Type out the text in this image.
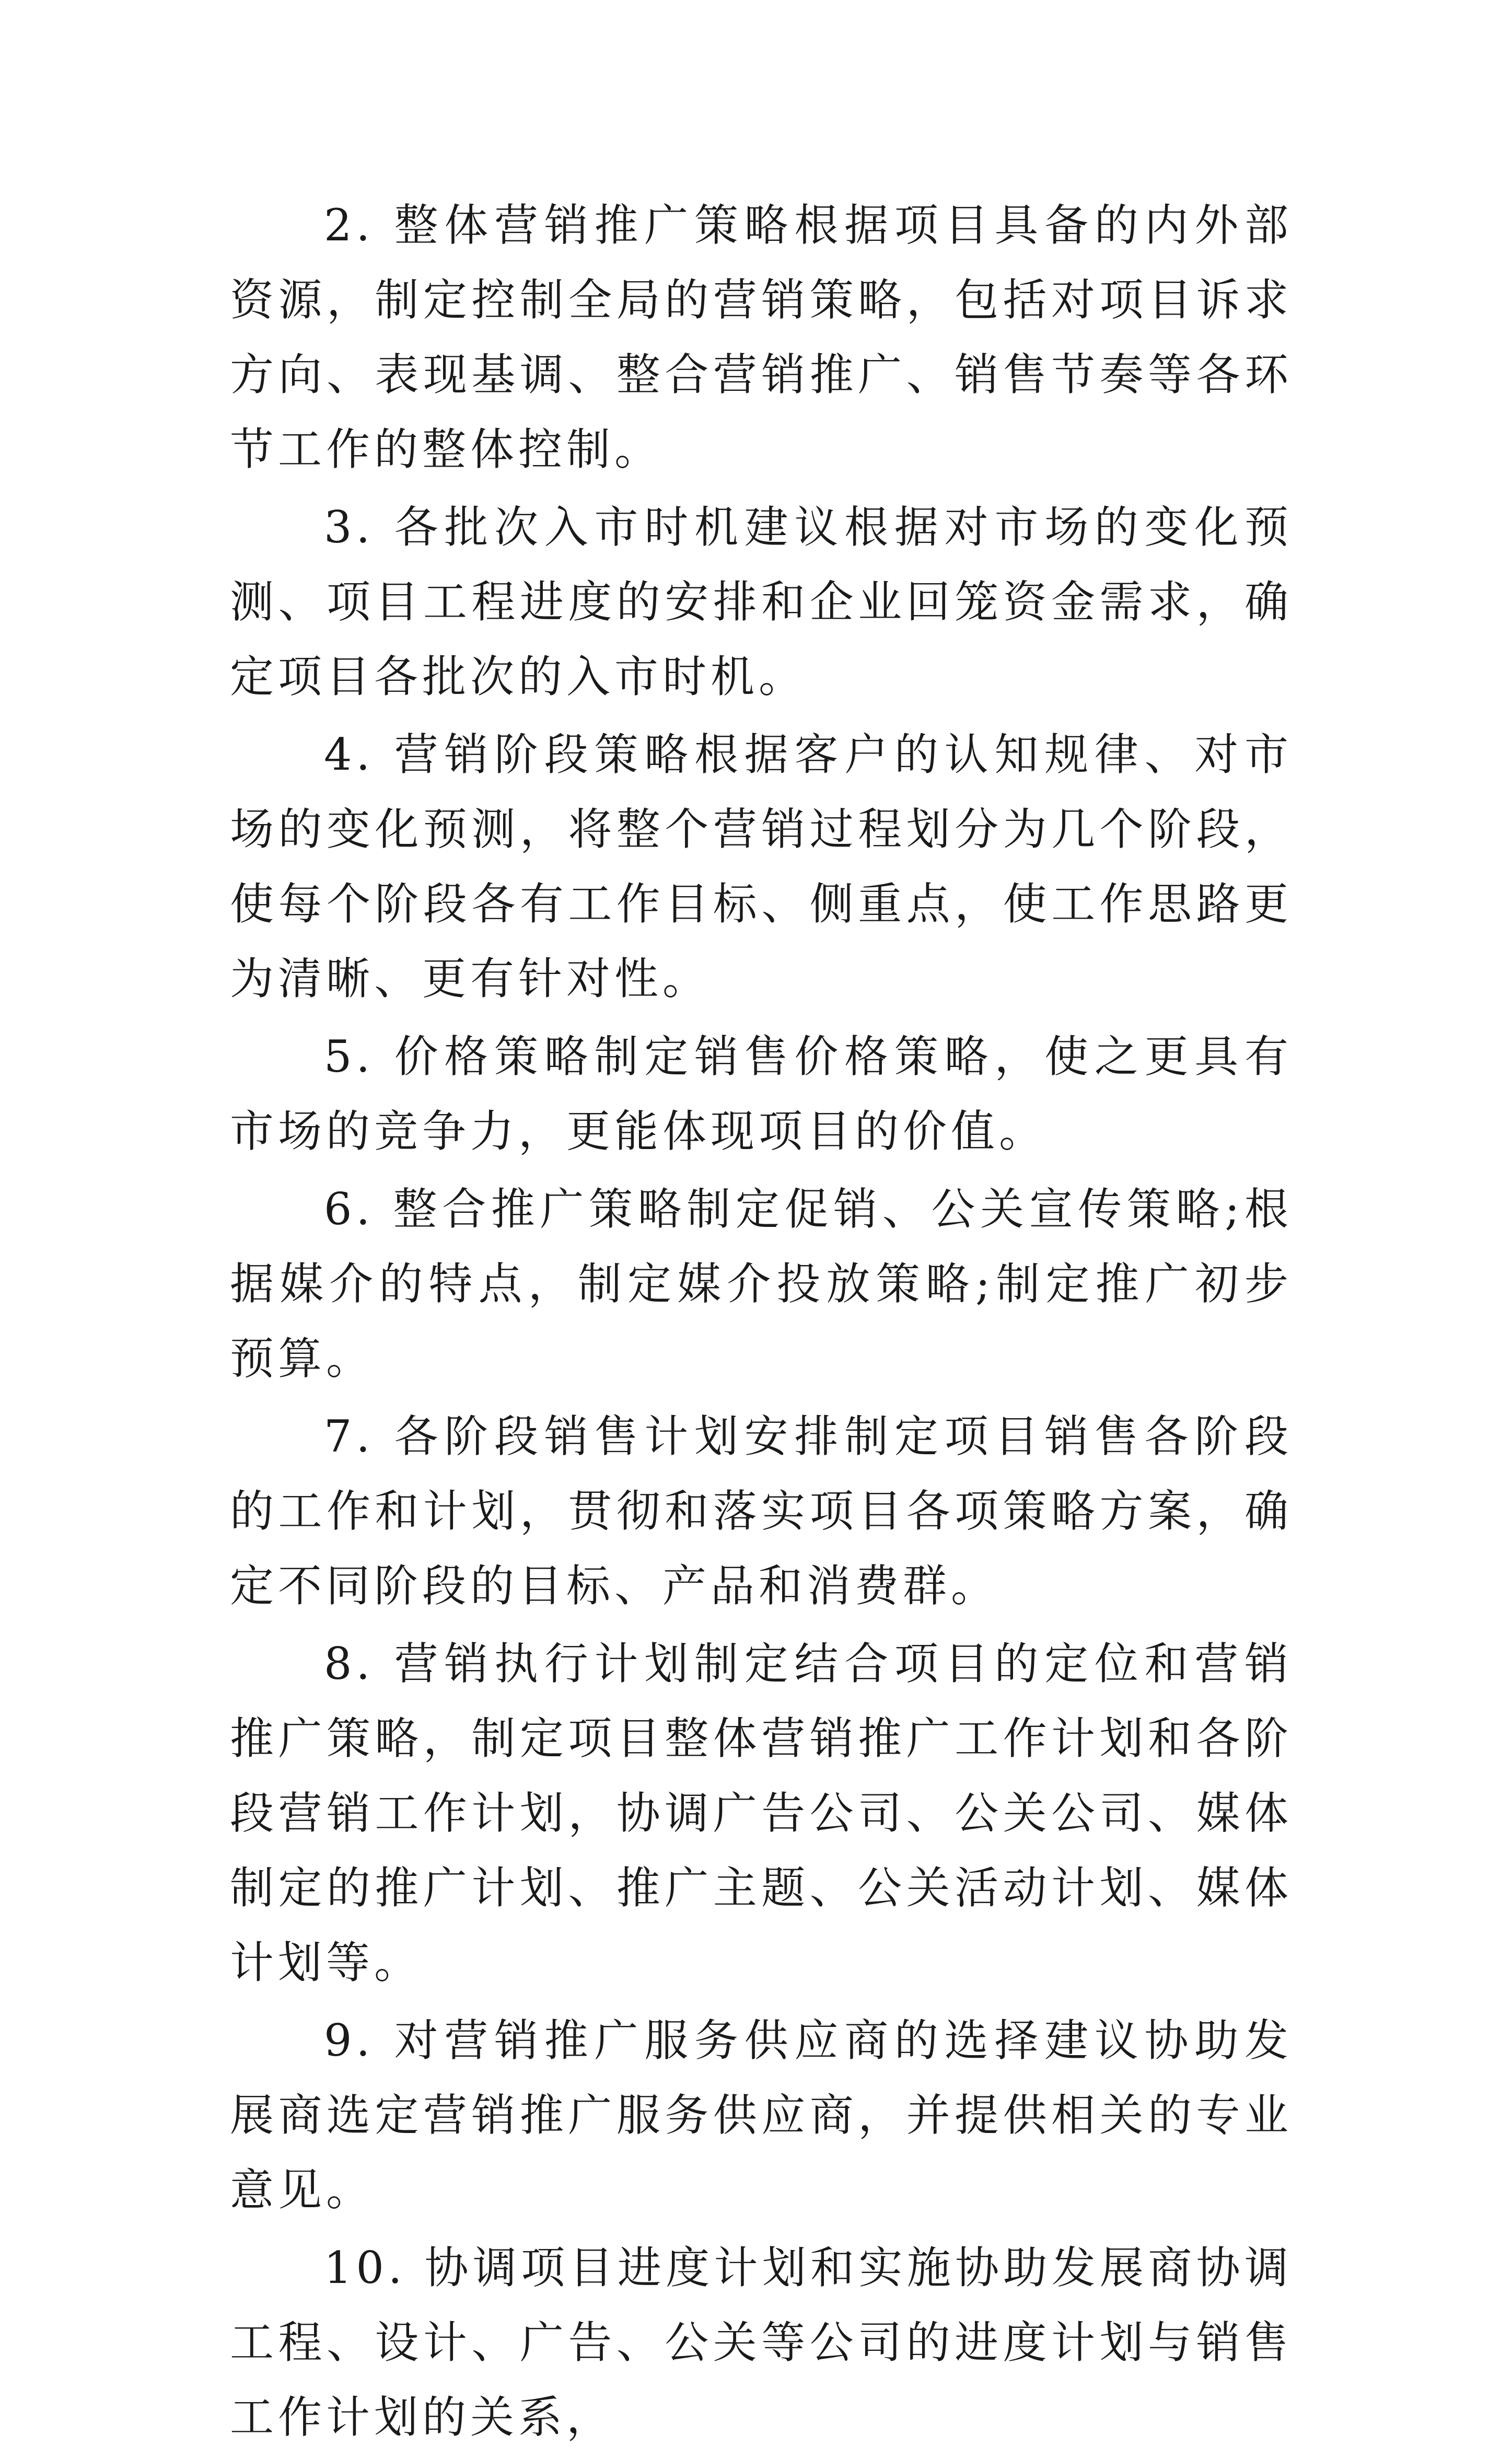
2. 整体营销推广策略根据项目具备的内外部资源，制定控制全局的营销策略，包括对项目诉求方向、表现基调、整合营销推广、销售节奏等各环节工作的整体控制。

3. 各批次入市时机建议根据对市场的变化预测、项目工程进度的安排和企业回笼资金需求，确定项目各批次的入市时机。

4. 营销阶段策略根据客户的认知规律、对市场的变化预测，将整个营销过程划分为几个阶段，使每个阶段各有工作目标、侧重点，使工作思路更为清晰、更有针对性。

5. 价格策略制定销售价格策略，使之更具有市场的竞争力，更能体现项目的价值。

6. 整合推广策略制定促销、公关宣传策略;根据媒介的特点，制定媒介投放策略;制定推广初步预算。

7. 各阶段销售计划安排制定项目销售各阶段的工作和计划，贯彻和落实项目各项策略方案，确定不同阶段的目标、产品和消费群。

8. 营销执行计划制定结合项目的定位和营销推广策略，制定项目整体营销推广工作计划和各阶段营销工作计划，协调广告公司、公关公司、媒体制定的推广计划、推广主题、公关活动计划、媒体计划等。

9. 对营销推广服务供应商的选择建议协助发展商选定营销推广服务供应商，并提供相关的专业意见。

10. 协调项目进度计划和实施协助发展商协调工程、设计、广告、公关等公司的进度计划与销售工作计划的关系，
